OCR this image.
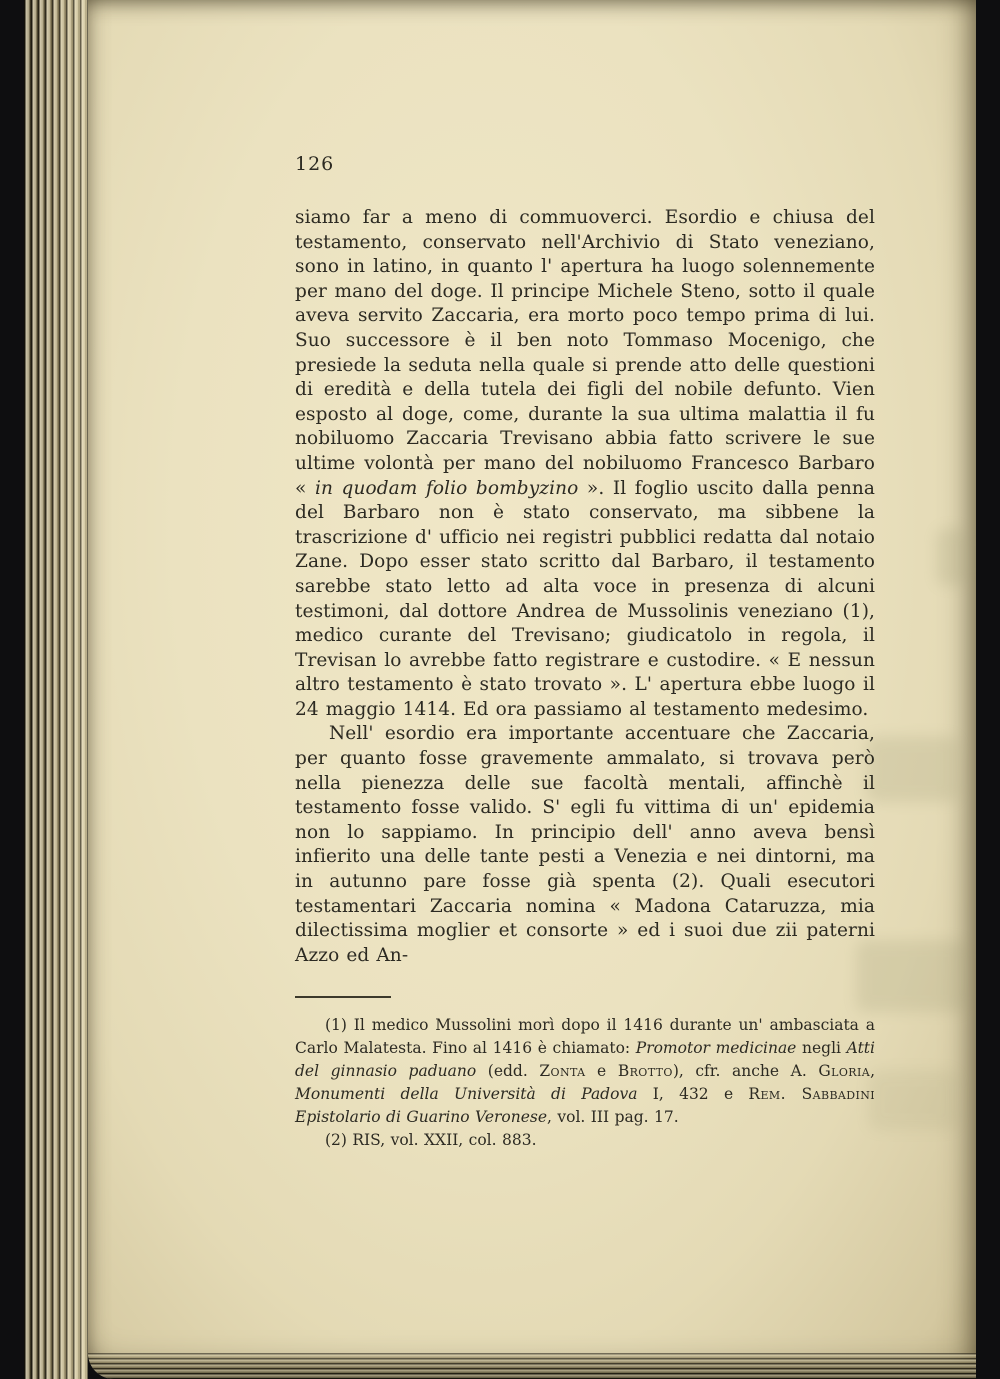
126

siamo far a meno di commuoverci. Esordio e chiusa del testamento, conservato nell'Archivio di Stato veneziano, sono in latino, in quanto l' apertura ha luogo solennemente per mano del doge. Il principe Michele Steno, sotto il quale aveva servito Zaccaria, era morto poco tempo prima di lui. Suo successore è il ben noto Tommaso Mocenigo, che presiede la seduta nella quale si prende atto delle questioni di eredità e della tutela dei figli del nobile defunto. Vien esposto al doge, come, durante la sua ultima malattia il fu nobiluomo Zaccaria Trevisano abbia fatto scrivere le sue ultime volontà per mano del nobiluomo Francesco Barbaro « in quodam folio bombyzino ». Il foglio uscito dalla penna del Barbaro non è stato conservato, ma sibbene la trascrizione d' ufficio nei registri pubblici redatta dal notaio Zane. Dopo esser stato scritto dal Barbaro, il testamento sarebbe stato letto ad alta voce in presenza di alcuni testimoni, dal dottore Andrea de Mussolinis veneziano (1), medico curante del Trevisano; giudicatolo in regola, il Trevisan lo avrebbe fatto registrare e custodire. « E nessun altro testamento è stato trovato ». L' apertura ebbe luogo il 24 maggio 1414. Ed ora passiamo al testamento medesimo.

Nell' esordio era importante accentuare che Zaccaria, per quanto fosse gravemente ammalato, si trovava però nella pienezza delle sue facoltà mentali, affinchè il testamento fosse valido. S' egli fu vittima di un' epidemia non lo sappiamo. In principio dell' anno aveva bensì infierito una delle tante pesti a Venezia e nei dintorni, ma in autunno pare fosse già spenta (2). Quali esecutori testamentari Zaccaria nomina « Madona Cataruzza, mia dilectissima moglier et consorte » ed i suoi due zii paterni Azzo ed An-

(1) Il medico Mussolini morì dopo il 1416 durante un' ambasciata a Carlo Malatesta. Fino al 1416 è chiamato: Promotor medicinae negli Atti del ginnasio paduano (edd. Zonta e Brotto), cfr. anche A. Gloria, Monumenti della Università di Padova I, 432 e Rem. Sabbadini Epistolario di Guarino Veronese, vol. III pag. 17.

(2) RIS, vol. XXII, col. 883.
